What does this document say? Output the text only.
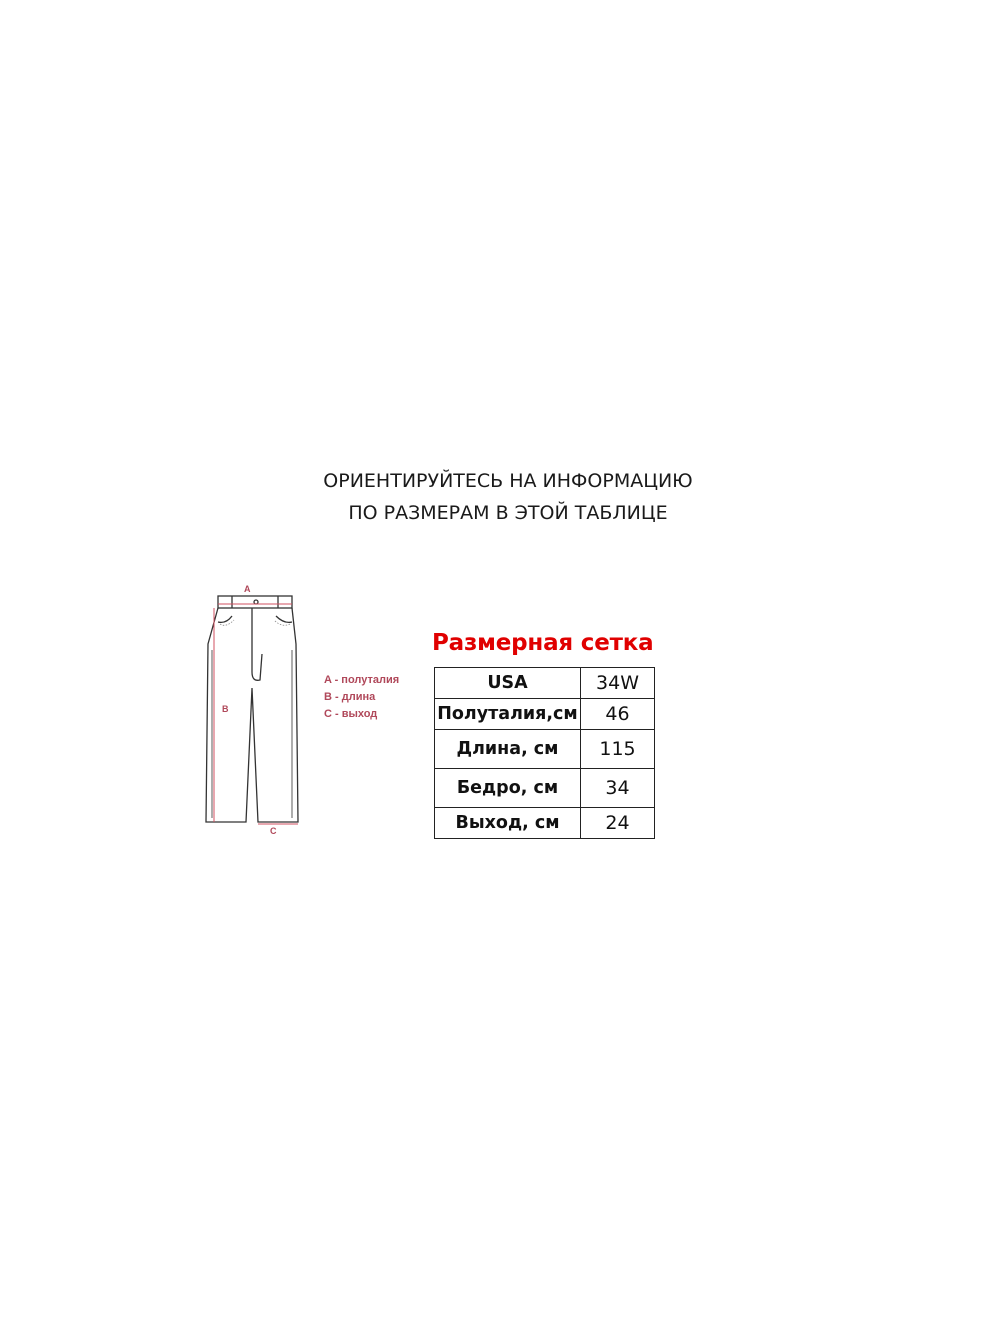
ОРИЕНТИРУЙТЕСЬ НА ИНФОРМАЦИЮ
ПО РАЗМЕРАМ В ЭТОЙ ТАБЛИЦЕ
A
B
C
A - полуталия
B - длина
C - выход
Размерная сетка
USA	34W
Полуталия,см	46
Длина, см	115
Бедро, см	34
Выход, см	24
